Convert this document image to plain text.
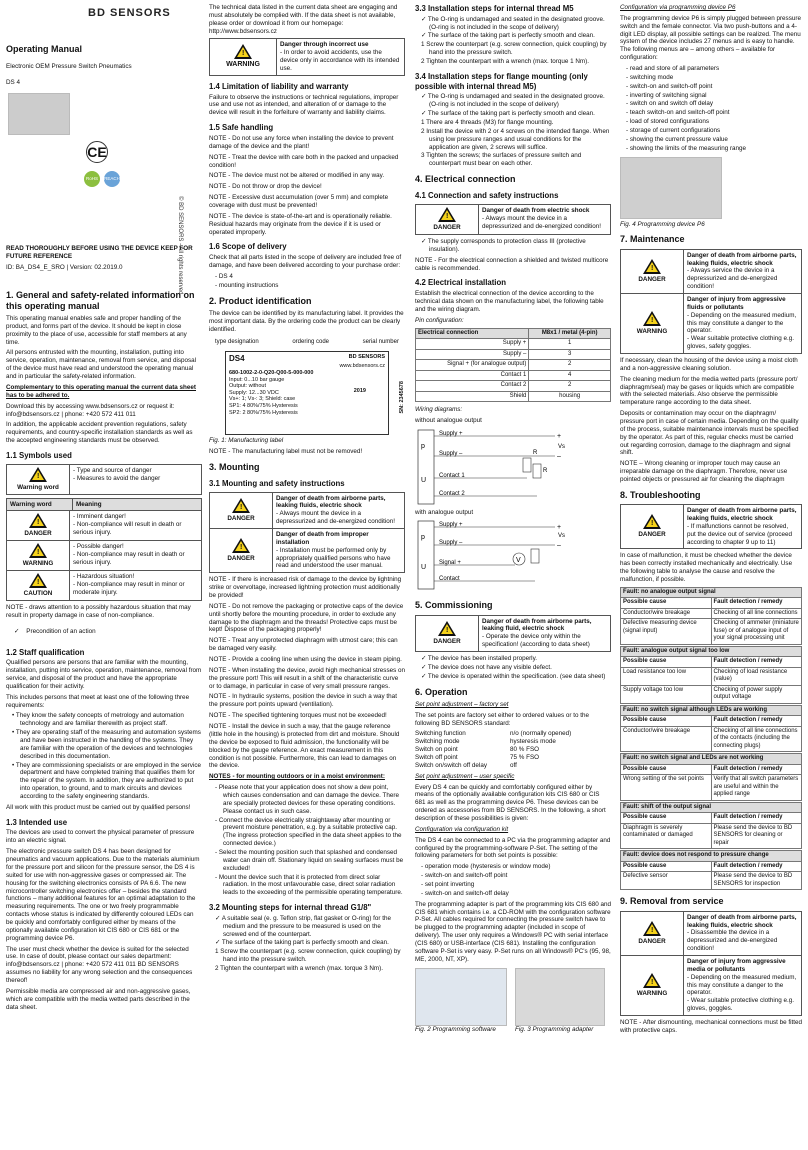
BD SENSORS
Operating Manual

Electronic OEM Pressure Switch Pneumatics

DS 4

CE
RoHS	REACH

READ THOROUGHLY BEFORE USING THE DEVICE KEEP FOR FUTURE REFERENCE

ID: BA_DS4_E_SRO | Version: 02.2019.0

1. General and safety-related information on this operating manual

This operating manual enables safe and proper handling of the product, and forms part of the device. It should be kept in close proximity to the place of use, accessible for staff members at any time.

All persons entrusted with the mounting, installation, putting into service, operation, maintenance, removal from service, and disposal of the device must have read and understood the operating manual and in particular the safety-related information.

Complementary to this operating manual the current data sheet has to be adhered to.

Download this by accessing www.bdsensors.cz or request it: info@bdsensors.cz | phone: +420 572 411 011

In addition, the applicable accident prevention regulations, safety requirements, and country-specific installation standards as well as the accepted engineering standards must be observed.

1.1 Symbols used
!
Warning word
- Type and source of danger
- Measures to avoid the danger
Warning word	Meaning
!
DANGER
- Imminent danger!
- Non-compliance will result in death or serious injury.
!
WARNING
- Possible danger!
- Non-compliance may result in death or serious injury.
!
CAUTION
- Hazardous situation!
- Non-compliance may result in minor or moderate injury.

NOTE - draws attention to a possibly hazardous situation that may result in property damage in case of non-compliance.

✓ Precondition of an action

1.2 Staff qualification

Qualified persons are persons that are familiar with the mounting, installation, putting into service, operation, maintenance, removal from service, and disposal of the product and have the appropriate qualification for their activity.

This includes persons that meet at least one of the following three requirements:

• They know the safety concepts of metrology and automation technology and are familiar therewith as project staff.
• They are operating staff of the measuring and automation systems and have been instructed in the handling of the systems. They are familiar with the operation of the devices and technologies described in this documentation.
• They are commissioning specialists or are employed in the service department and have completed training that qualifies them for the repair of the system. In addition, they are authorized to put into operation, to ground, and to mark circuits and devices according to the safety engineering standards.

All work with this product must be carried out by qualified persons!

1.3 Intended use

The devices are used to convert the physical parameter of pressure into an electric signal.

The electronic pressure switch DS 4 has been designed for pneumatics and vacuum applications. Due to the materials aluminium for the pressure port and silicon for the pressure sensor, the DS 4 is suited for use with non-aggressive gases or compressed air. The housing for the switching electronics consists of PA 6.6. The new microcontroller switching electronics offer – besides the standard functions – many additional features for an optimal adaptation to the measuring requirements. The one or two freely programmable contacts whose status is indicated by differently coloured LEDs can be quickly and comfortably configured either by means of the optionally available configuration kit CIS 680 or CIS 681 or the programming device P6.

The user must check whether the device is suited for the selected use. In case of doubt, please contact our sales department: info@bdsensors.cz | phone: +420 572 411 011 BD SENSORS assumes no liability for any wrong selection and the consequences thereof!

Permissible media are compressed air and non-aggressive gases, which are compatible with the media wetted parts described in the data sheet.

© BD SENSORS - All rights reserved

The technical data listed in the current data sheet are engaging and must absolutely be complied with. If the data sheet is not available, please order or download it from our homepage: http://www.bdsensors.cz

!
WARNING
Danger through incorrect use
- In order to avoid accidents, use the device only in accordance with its intended use.
1.4 Limitation of liability and warranty

Failure to observe the instructions or technical regulations, improper use and use not as intended, and alteration of or damage to the device will result in the forfeiture of warranty and liability claims.

1.5 Safe handling

NOTE - Do not use any force when installing the device to prevent damage of the device and the plant!

NOTE - Treat the device with care both in the packed and unpacked condition!

NOTE - The device must not be altered or modified in any way.

NOTE - Do not throw or drop the device!

NOTE - Excessive dust accumulation (over 5 mm) and complete coverage with dust must be prevented!

NOTE - The device is state-of-the-art and is operationally reliable. Residual hazards may originate from the device if it is used or operated improperly.

1.6 Scope of delivery

Check that all parts listed in the scope of delivery are included free of damage, and have been delivered according to your purchase order:

- DS 4
- mounting instructions
2. Product identification

The device can be identified by its manufacturing label. It provides the most important data. By the ordering code the product can be clearly identified.

type designation	ordering code	serial number
DS4	BD SENSORS
www.bdsensors.cz
680-1002-2-0-Q20-Q00-5-000-000
Input: 0...10 bar gauge
Output: without
Supply: 12...30 VDC
Vs+: 1; Vs-: 3; Shield: case
SP1: 4 80%/75% Hysteresis
SP2: 2 80%/75% Hysteresis
2019	SN: 2345678

Fig. 1: Manufacturing label

NOTE - The manufacturing label must not be removed!

3. Mounting
3.1 Mounting and safety instructions
!
DANGER
Danger of death from airborne parts, leaking fluids, electric shock
- Always mount the device in a depressurized and de-energized condition!
!
DANGER
Danger of death from improper installation
- Installation must be performed only by appropriately qualified persons who have read and understood the user manual.

NOTE - If there is increased risk of damage to the device by lightning strike or overvoltage, increased lightning protection must additionally be provided!

NOTE - Do not remove the packaging or protective caps of the device until shortly before the mounting procedure, in order to exclude any damage to the diaphragm and the threads! Protective caps must be kept! Dispose of the packaging properly!

NOTE - Treat any unprotected diaphragm with utmost care; this can be damaged very easily.

NOTE - Provide a cooling line when using the device in steam piping.

NOTE - When installing the device, avoid high mechanical stresses on the pressure port! This will result in a shift of the characteristic curve or to damage, in particular in case of very small pressure ranges.

NOTE - In hydraulic systems, position the device in such a way that the pressure port points upward (ventilation).

NOTE - The specified tightening torques must not be exceeded!

NOTE - Install the device in such a way, that the gauge reference (little hole in the housing) is protected from dirt and moisture. Should the device be exposed to fluid admission, the functionality will be blocked by the gauge reference. An exact measurement in this condition is not possible. Furthermore, this can lead to damages on the device.

NOTES - for mounting outdoors or in a moist environment:

- Please note that your application does not show a dew point, which causes condensation and can damage the device. There are specially protected devices for these operating conditions. Please contact us in such case.
- Connect the device electrically straightaway after mounting or prevent moisture penetration, e.g. by a suitable protective cap. (The ingress protection specified in the data sheet applies to the connected device.)
- Select the mounting position such that splashed and condensed water can drain off. Stationary liquid on sealing surfaces must be excluded!
- Mount the device such that it is protected from direct solar radiation. In the most unfavourable case, direct solar radiation leads to the exceeding of the permissible operating temperature.
3.2 Mounting steps for internal thread G1/8"
✓ A suitable seal (e. g. Teflon strip, flat gasket or O-ring) for the medium and the pressure to be measured is used on the screwed end of the counterpart.
✓ The surface of the taking part is perfectly smooth and clean.
1 Screw the counterpart (e.g. screw connection, quick coupling) by hand into the pressure switch.
2 Tighten the counterpart with a wrench (max. torque 3 Nm).
3.3 Installation steps for internal thread M5
✓ The O-ring is undamaged and seated in the designated groove. (O-ring is not included in the scope of delivery)
✓ The surface of the taking part is perfectly smooth and clean.
1 Screw the counterpart (e.g. screw connection, quick coupling) by hand into the pressure switch.
2 Tighten the counterpart with a wrench (max. torque 1 Nm).
3.4 Installation steps for flange mounting (only possible with internal thread M5)
✓ The O-ring is undamaged and seated in the designated groove. (O-ring is not included in the scope of delivery)
✓ The surface of the taking part is perfectly smooth and clean.
1 There are 4 threads (M3) for flange mounting.
2 Install the device with 2 or 4 screws on the intended flange. When using low pressure ranges and usual conditions for the application are given, 2 screws will suffice.
3 Tighten the screws; the surfaces of pressure switch and counterpart must bear on each other.
4. Electrical connection
4.1 Connection and safety instructions
!
DANGER
Danger of death from electric shock
- Always mount the device in a depressurized and de-energized condition!
✓ The supply corresponds to protection class III (protective insulation).

NOTE - For the electrical connection a shielded and twisted multicore cable is recommended.

4.2 Electrical installation

Establish the electrical connection of the device according to the technical data shown on the manufacturing label, the following table and the wiring diagram.

Pin configuration:

Electrical connection	M8x1 / metal (4-pin)
Supply +	1
Supply –	3
Signal + (for analogue output)	2
Contact 1	4
Contact 2	2
Shield	housing

Wiring diagrams:

without analogue output

p
U
Supply +
Supply –
Contact 1
Contact 2
R
R
+
–
Vs

with analogue output

p
U
Supply +
Supply –
Signal +
Contact
V
+
–
Vs
5. Commissioning
!
DANGER
Danger of death from airborne parts, leaking fluid, electric shock
- Operate the device only within the specification! (according to data sheet)
✓ The device has been installed properly.
✓ The device does not have any visible defect.
✓ The device is operated within the specification. (see data sheet)
6. Operation

Set point adjustment – factory set

The set points are factory set either to ordered values or to the following BD SENSORS standard:

Switching function	n/o (normally opened)
Switching mode	hysteresis mode
Switch on point	80 % FSO
Switch off point	75 % FSO
Switch on/switch off delay	off

Set point adjustment – user specific

Every DS 4 can be quickly and comfortably configured either by means of the optionally available configuration kits CIS 680 or CIS 681 as well as the programming device P6. These devices can be ordered as accessories from BD SENSORS. In the following, a short description of these possibilities is given:

Configuration via configuration kit

The DS 4 can be connected to a PC via the programming adapter and configured by the programming-software P-Set. The setting of the following parameters for both set points is possible:

- operation mode (hysteresis or window mode)
- switch-on and switch-off point
- set point inverting
- switch-on and switch-off delay

The programming adapter is part of the programming kits CIS 680 and CIS 681 which contains i.e. a CD-ROM with the configuration software P-Set. All cables required for connecting the pressure switch have to be plugged to the programming adapter (included in scope of delivery). The user only requires a Windows® PC with serial interface (CIS 680) or USB-interface (CIS 681). Installing the configuration software P-Set is very easy. P-Set runs on all Windows® PC's (95, 98, ME, 2000, NT, XP).

Fig. 2 Programming software	Fig. 3 Programming adapter

Configuration via programming device P6

The programming device P6 is simply plugged between pressure switch and the female connector. Via two push-buttons and a 4-digit LED display, all possible settings can be realized. The menu system of the device includes 27 menus and is easy to handle. The following menus are – among others – available for configuration:

- read and store of all parameters
- switching mode
- switch-on and switch-off point
- inverting of switching signal
- switch on and switch off delay
- teach switch-on and switch-off point
- load of stored configurations
- storage of current configurations
- showing the current pressure value
- showing the limits of the measuring range

Fig. 4 Programming device P6

7. Maintenance
!
DANGER
Danger of death from airborne parts, leaking fluids, electric shock
- Always service the device in a depressurized and de-energized condition!
!
WARNING
Danger of injury from aggressive fluids or pollutants
- Depending on the measured medium, this may constitute a danger to the operator.
- Wear suitable protective clothing e.g. gloves, safety goggles.

If necessary, clean the housing of the device using a moist cloth and a non-aggressive cleaning solution.

The cleaning medium for the media wetted parts (pressure port/ diaphragm/seal) may be gases or liquids which are compatible with the selected materials. Also observe the permissible temperature range according to the data sheet.

Deposits or contamination may occur on the diaphragm/ pressure port in case of certain media. Depending on the quality of the process, suitable maintenance intervals must be specified by the operator. As part of this, regular checks must be carried out regarding corrosion, damage to the diaphragm and signal shift.

NOTE – Wrong cleaning or improper touch may cause an irreparable damage on the diaphragm. Therefore, never use pointed objects or pressured air for cleaning the diaphragm

8. Troubleshooting
!
DANGER
Danger of death from airborne parts, leaking fluids, electric shock
- If malfunctions cannot be resolved, put the device out of service (proceed according to chapter 9 up to 11)

In case of malfunction, it must be checked whether the device has been correctly installed mechanically and electrically. Use the following table to analyse the cause and resolve the malfunction, if possible.

Fault: no analogue output signal	
Possible cause	Fault detection / remedy
Conductor/wire breakage	Checking of all line connections
Defective measuring device (signal input)	Checking of ammeter (miniature fuse) or of analogue input of your signal processing unit
Fault: analogue output signal too low	
Possible cause	Fault detection / remedy
Load resistance too low	Checking of load resistance (value)
Supply voltage too low	Checking of power supply output voltage
Fault: no switch signal although LEDs are working	
Possible cause	Fault detection / remedy
Conductor/wire breakage	Checking of all line connections of the contacts (including the connecting plugs)
Fault: no switch signal and LEDs are not working	
Possible cause	Fault detection / remedy
Wrong setting of the set points	Verify that all switch parameters are useful and within the applied range
Fault: shift of the output signal	
Possible cause	Fault detection / remedy
Diaphragm is severely contaminated or damaged	Please send the device to BD SENSORS for cleaning or repair
Fault: device does not respond to pressure change	
Possible cause	Fault detection / remedy
Defective sensor	Please send the device to BD SENSORS for inspection
9. Removal from service
!
DANGER
Danger of death from airborne parts, leaking fluids, electric shock
- Disassemble the device in a depressurized and de-energized condition!
!
WARNING
Danger of injury from aggressive media or pollutants
- Depending on the measured medium, this may constitute a danger to the operator.
- Wear suitable protective clothing e.g. gloves, goggles.

NOTE - After dismounting, mechanical connections must be fitted with protective caps.
